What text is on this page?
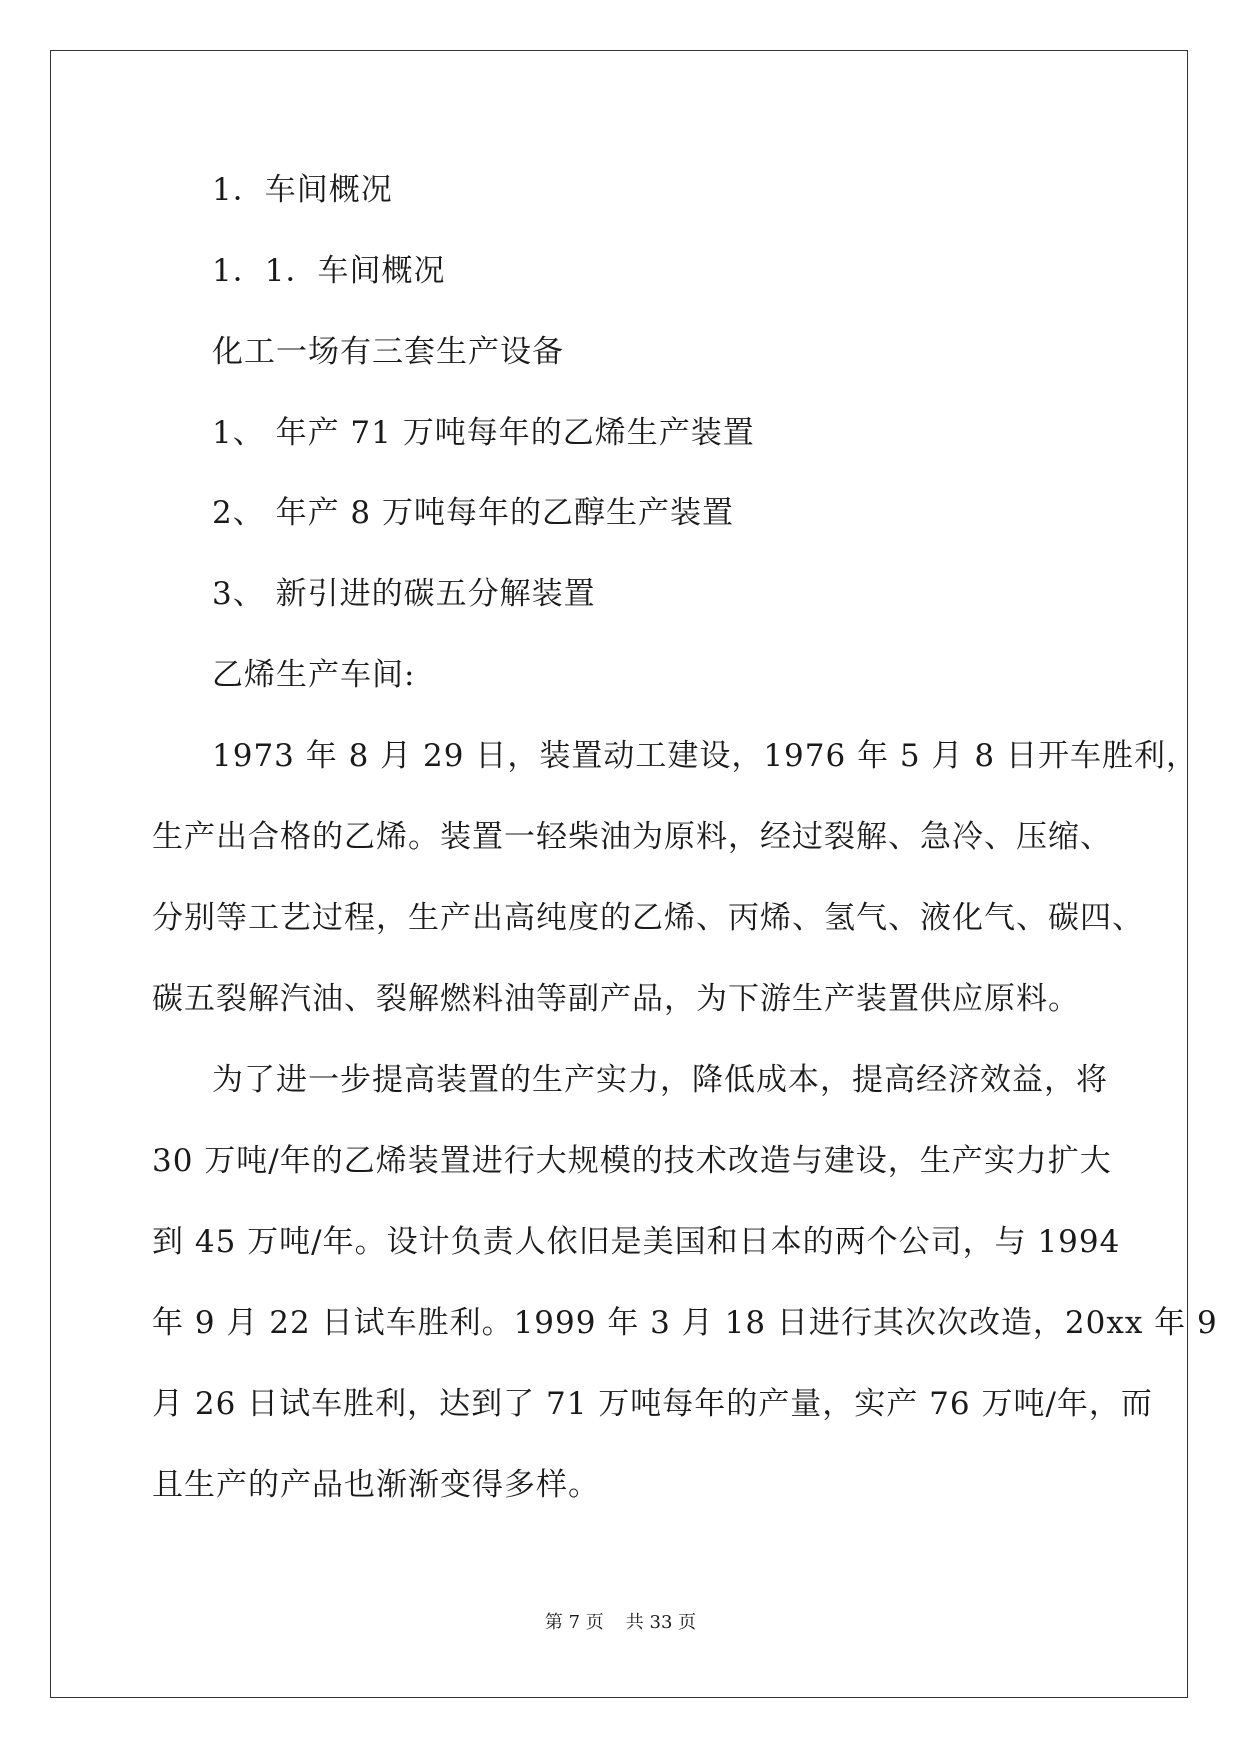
1．车间概况
1．1．车间概况
化工一场有三套生产设备
1、 年产 71 万吨每年的乙烯生产装置
2、 年产 8 万吨每年的乙醇生产装置
3、 新引进的碳五分解装置
乙烯生产车间:
1973 年 8 月 29 日，装置动工建设，1976 年 5 月 8 日开车胜利，
生产出合格的乙烯。装置一轻柴油为原料，经过裂解、急冷、压缩、
分别等工艺过程，生产出高纯度的乙烯、丙烯、氢气、液化气、碳四、
碳五裂解汽油、裂解燃料油等副产品，为下游生产装置供应原料。
为了进一步提高装置的生产实力，降低成本，提高经济效益，将
30 万吨/年的乙烯装置进行大规模的技术改造与建设，生产实力扩大
到 45 万吨/年。设计负责人依旧是美国和日本的两个公司，与 1994
年 9 月 22 日试车胜利。1999 年 3 月 18 日进行其次次改造，20xx 年 9
月 26 日试车胜利，达到了 71 万吨每年的产量，实产 76 万吨/年，而
且生产的产品也渐渐变得多样。
第 7 页 共 33 页
